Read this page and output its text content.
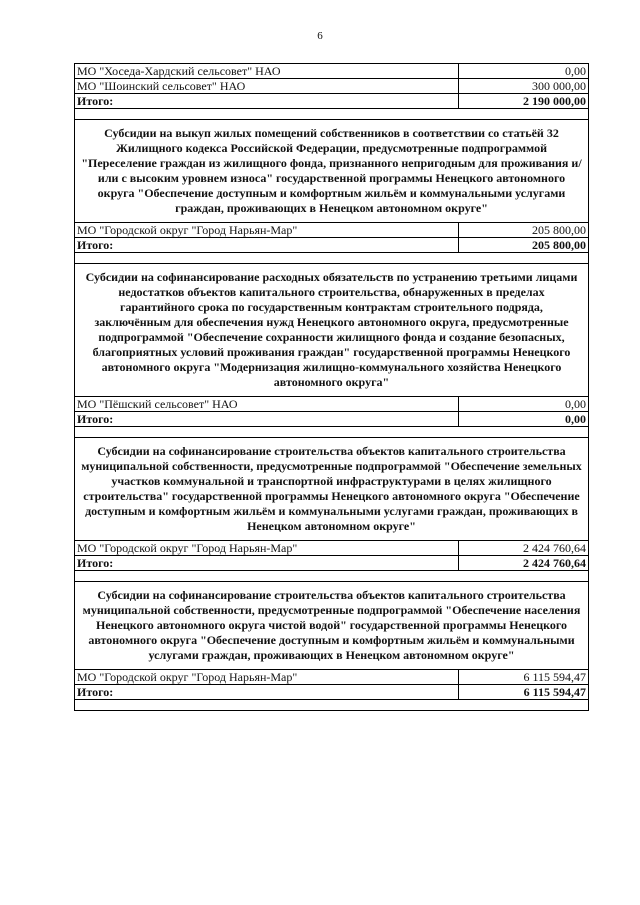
6
МО "Хоседа-Хардский сельсовет" НАО	0,00
МО "Шоинский сельсовет" НАО	300 000,00
Итого:	2 190 000,00

Субсидии на выкуп жилых помещений собственников в соответствии со статьёй 32 Жилищного кодекса Российской Федерации, предусмотренные подпрограммой "Переселение граждан из жилищного фонда, признанного непригодным для проживания и/или с высоким уровнем износа" государственной программы Ненецкого автономного округа "Обеспечение доступным и комфортным жильём и коммунальными услугами граждан, проживающих в Ненецком автономном округе"	
МО "Городской округ "Город Нарьян-Мар"	205 800,00
Итого:	205 800,00

Субсидии на софинансирование расходных обязательств по устранению третьими лицами недостатков объектов капитального строительства, обнаруженных в пределах гарантийного срока по государственным контрактам строительного подряда, заключённым для обеспечения нужд Ненецкого автономного округа, предусмотренные подпрограммой "Обеспечение сохранности жилищного фонда и создание безопасных, благоприятных условий проживания граждан" государственной программы Ненецкого автономного округа "Модернизация жилищно-коммунального хозяйства Ненецкого автономного округа"	
МО "Пёшский сельсовет" НАО	0,00
Итого:	0,00

Субсидии на софинансирование строительства объектов капитального строительства муниципальной собственности, предусмотренные подпрограммой "Обеспечение земельных участков коммунальной и транспортной инфраструктурами в целях жилищного строительства" государственной программы Ненецкого автономного округа "Обеспечение доступным и комфортным жильём и коммунальными услугами граждан, проживающих в Ненецком автономном округе"	
МО "Городской округ "Город Нарьян-Мар"	2 424 760,64
Итого:	2 424 760,64

Субсидии на софинансирование строительства объектов капитального строительства муниципальной собственности, предусмотренные подпрограммой "Обеспечение населения Ненецкого автономного округа чистой водой" государственной программы Ненецкого автономного округа "Обеспечение доступным и комфортным жильём и коммунальными услугами граждан, проживающих в Ненецком автономном округе"	
МО "Городской округ "Город Нарьян-Мар"	6 115 594,47
Итого:	6 115 594,47
